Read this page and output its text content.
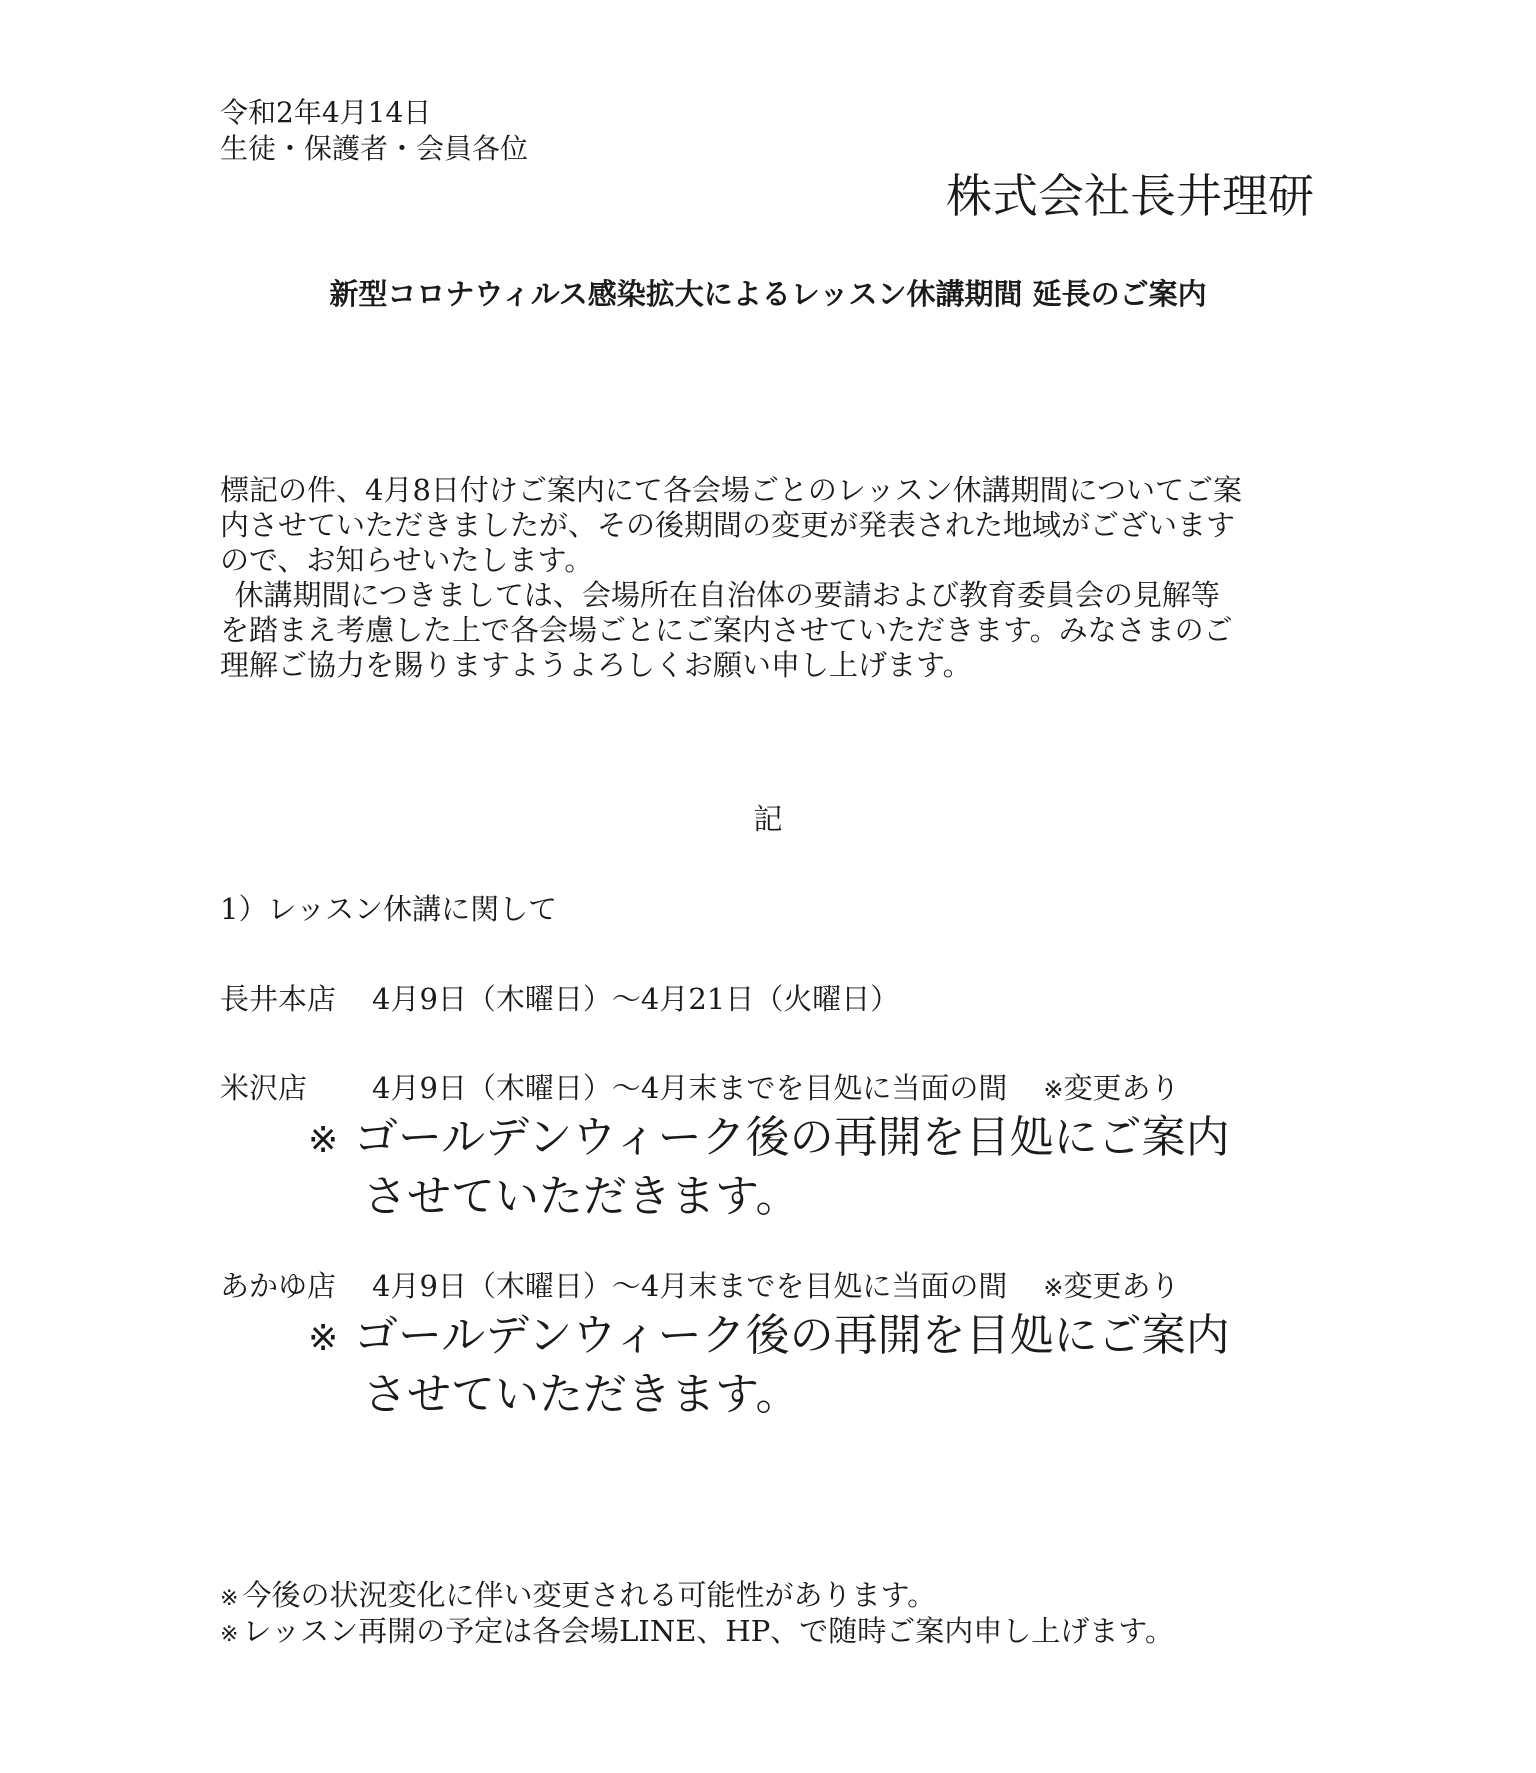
令和2年4月14日
生徒・保護者・会員各位
株式会社長井理研
新型コロナウィルス感染拡大によるレッスン休講期間 延長のご案内

標記の件、4月8日付けご案内にて各会場ごとのレッスン休講期間についてご案

内させていただきましたが、その後期間の変更が発表された地域がございます

ので、お知らせいたします。

休講期間につきましては、会場所在自治体の要請および教育委員会の見解等

を踏まえ考慮した上で各会場ごとにご案内させていただきます。みなさまのご

理解ご協力を賜りますようよろしくお願い申し上げます。

記
1）レッスン休講に関して
長井本店 4月9日（木曜日）～4月21日（火曜日）
米沢店 4月9日（木曜日）～4月末までを目処に当面の間 ※変更あり
※ ゴールデンウィーク後の再開を目処にご案内
させていただきます。
あかゆ店 4月9日（木曜日）～4月末までを目処に当面の間 ※変更あり
※ ゴールデンウィーク後の再開を目処にご案内
させていただきます。
※ 今後の状況変化に伴い変更される可能性があります。
※ レッスン再開の予定は各会場LINE、HP、で随時ご案内申し上げます。
